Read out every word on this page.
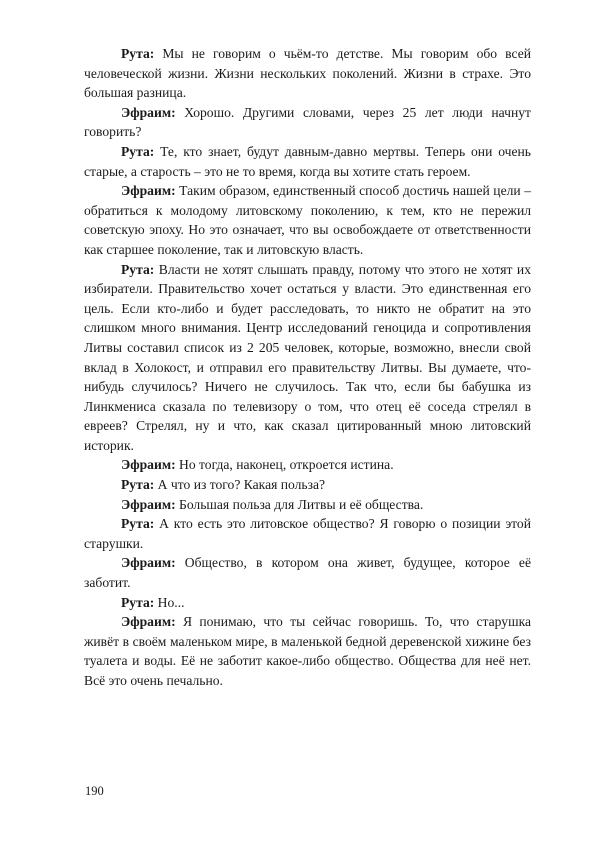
Рута: Мы не говорим о чьём-то детстве. Мы говорим обо всей человеческой жизни. Жизни нескольких поколений. Жизни в страхе. Это большая разница.

Эфраим: Хорошо. Другими словами, через 25 лет люди начнут говорить?

Рута: Те, кто знает, будут давным-давно мертвы. Теперь они очень старые, а старость – это не то время, когда вы хотите стать героем.

Эфраим: Таким образом, единственный способ достичь нашей цели – обратиться к молодому литовскому поколению, к тем, кто не пережил советскую эпоху. Но это означает, что вы освобождаете от ответственности как старшее поколение, так и литовскую власть.

Рута: Власти не хотят слышать правду, потому что этого не хотят их избиратели. Правительство хочет остаться у власти. Это единственная его цель. Если кто-либо и будет расследовать, то никто не обратит на это слишком много внимания. Центр исследований геноцида и сопротивления Литвы составил список из 2 205 человек, которые, возможно, внесли свой вклад в Холокост, и отправил его правительству Литвы. Вы думаете, что-нибудь случилось? Ничего не случилось. Так что, если бы бабушка из Линкмениса сказала по телевизору о том, что отец её соседа стрелял в евреев? Стрелял, ну и что, как сказал цитированный мною литовский историк.

Эфраим: Но тогда, наконец, откроется истина.

Рута: А что из того? Какая польза?

Эфраим: Большая польза для Литвы и её общества.

Рута: А кто есть это литовское общество? Я говорю о позиции этой старушки.

Эфраим: Общество, в котором она живет, будущее, которое её заботит.

Рута: Но...

Эфраим: Я понимаю, что ты сейчас говоришь. То, что старушка живёт в своём маленьком мире, в маленькой бедной деревенской хижине без туалета и воды. Её не заботит какое-либо общество. Общества для неё нет. Всё это очень печально.

190
